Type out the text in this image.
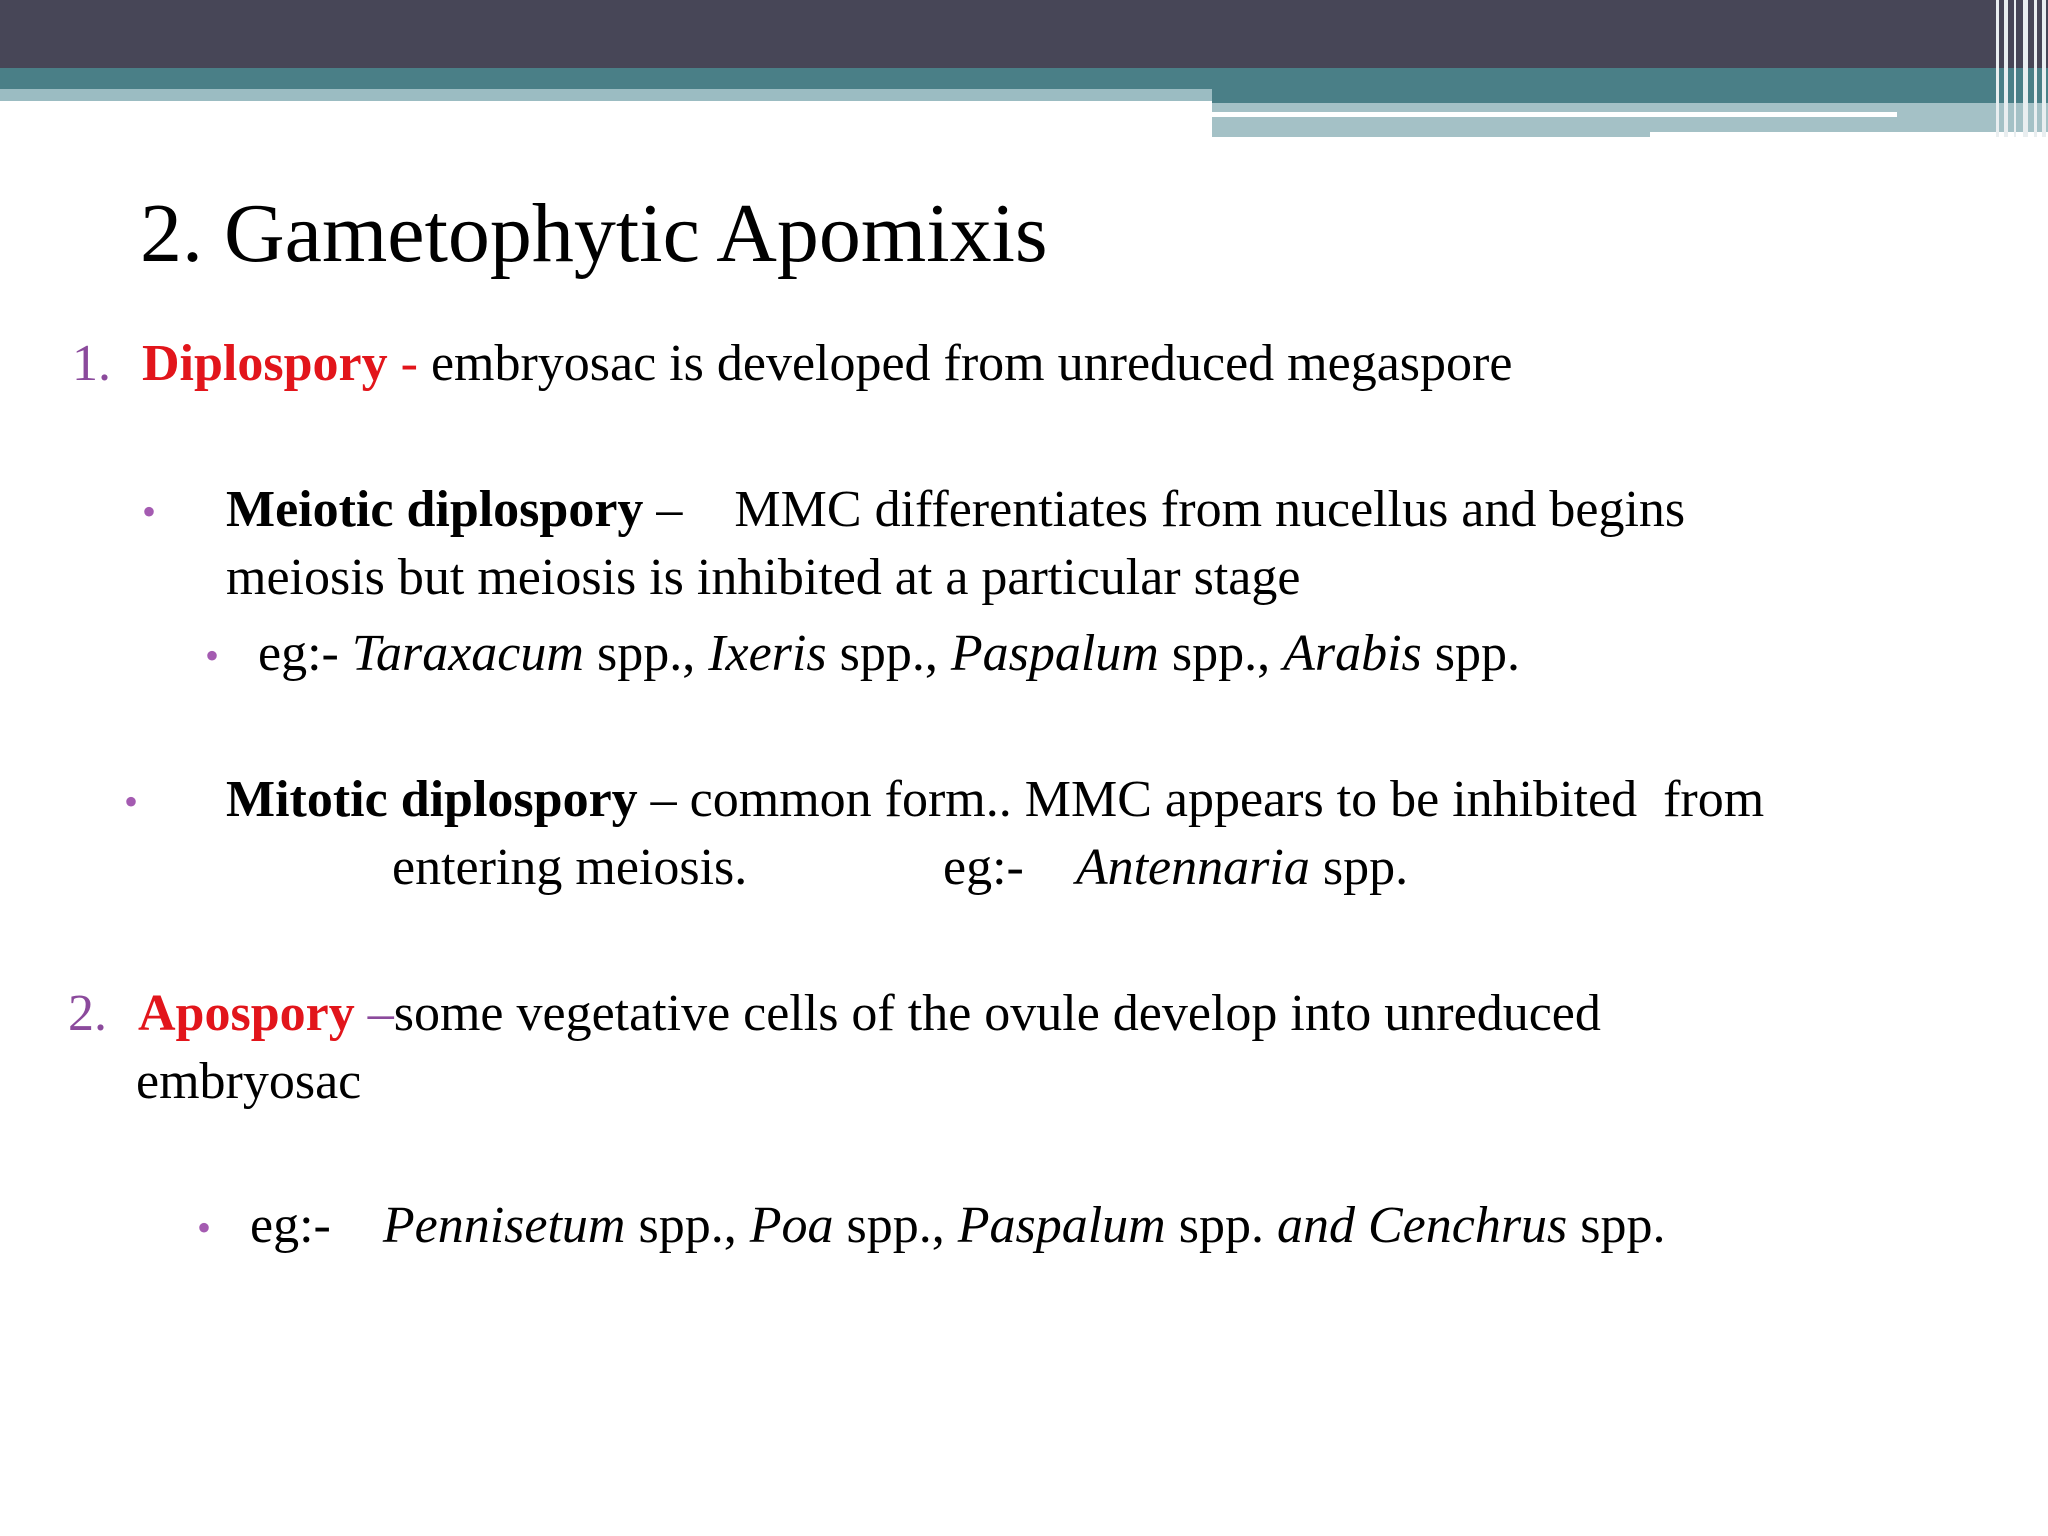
2. Gametophytic Apomixis
1. Diplospory - embryosac is developed from unreduced megaspore
• Meiotic diplospory –    MMC differentiates from nucellus and begins
meiosis but meiosis is inhibited at a particular stage
• eg:- Taraxacum spp., Ixeris spp., Paspalum spp., Arabis spp.
• Mitotic diplospory – common form.. MMC appears to be inhibited  from
entering meiosis.	eg:- Antennaria spp.
2. Apospory –some vegetative cells of the ovule develop into unreduced
embryosac
• eg:- Pennisetum spp., Poa spp., Paspalum spp. and Cenchrus spp.
